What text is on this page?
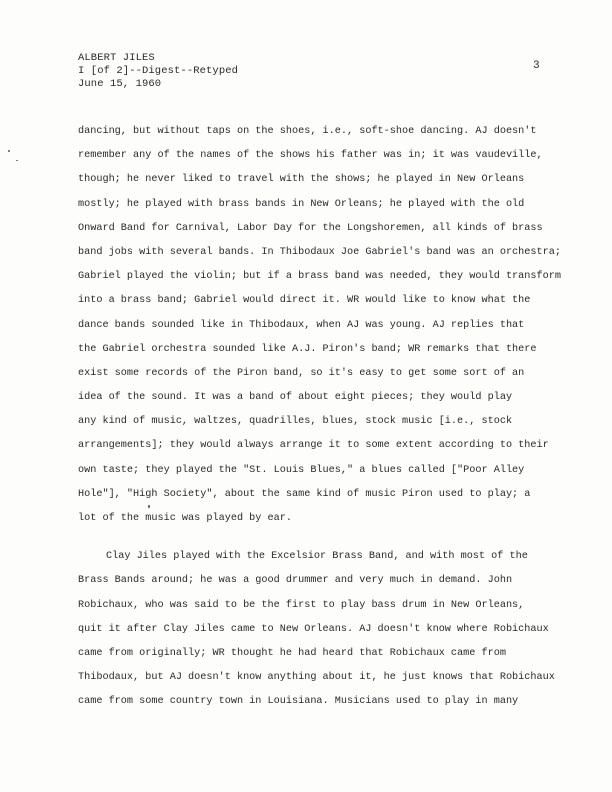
ALBERT JILES
I [of 2]--Digest--Retyped
June 15, 1960
3
dancing, but without taps on the shoes, i.e., soft-shoe dancing. AJ doesn't
remember any of the names of the shows his father was in; it was vaudeville,
though; he never liked to travel with the shows; he played in New Orleans
mostly; he played with brass bands in New Orleans; he played with the old
Onward Band for Carnival, Labor Day for the Longshoremen, all kinds of brass
band jobs with several bands. In Thibodaux Joe Gabriel's band was an orchestra;
Gabriel played the violin; but if a brass band was needed, they would transform
into a brass band; Gabriel would direct it. WR would like to know what the
dance bands sounded like in Thibodaux, when AJ was young. AJ replies that
the Gabriel orchestra sounded like A.J. Piron's band; WR remarks that there
exist some records of the Piron band, so it's easy to get some sort of an
idea of the sound. It was a band of about eight pieces; they would play
any kind of music, waltzes, quadrilles, blues, stock music [i.e., stock
arrangements]; they would always arrange it to some extent according to their
own taste; they played the "St. Louis Blues," a blues called ["Poor Alley
Hole"], "High Society", about the same kind of music Piron used to play; a
lot of the music was played by ear.
Clay Jiles played with the Excelsior Brass Band, and with most of the
Brass Bands around; he was a good drummer and very much in demand. John
Robichaux, who was said to be the first to play bass drum in New Orleans,
quit it after Clay Jiles came to New Orleans. AJ doesn't know where Robichaux
came from originally; WR thought he had heard that Robichaux came from
Thibodaux, but AJ doesn't know anything about it, he just knows that Robichaux
came from some country town in Louisiana. Musicians used to play in many
